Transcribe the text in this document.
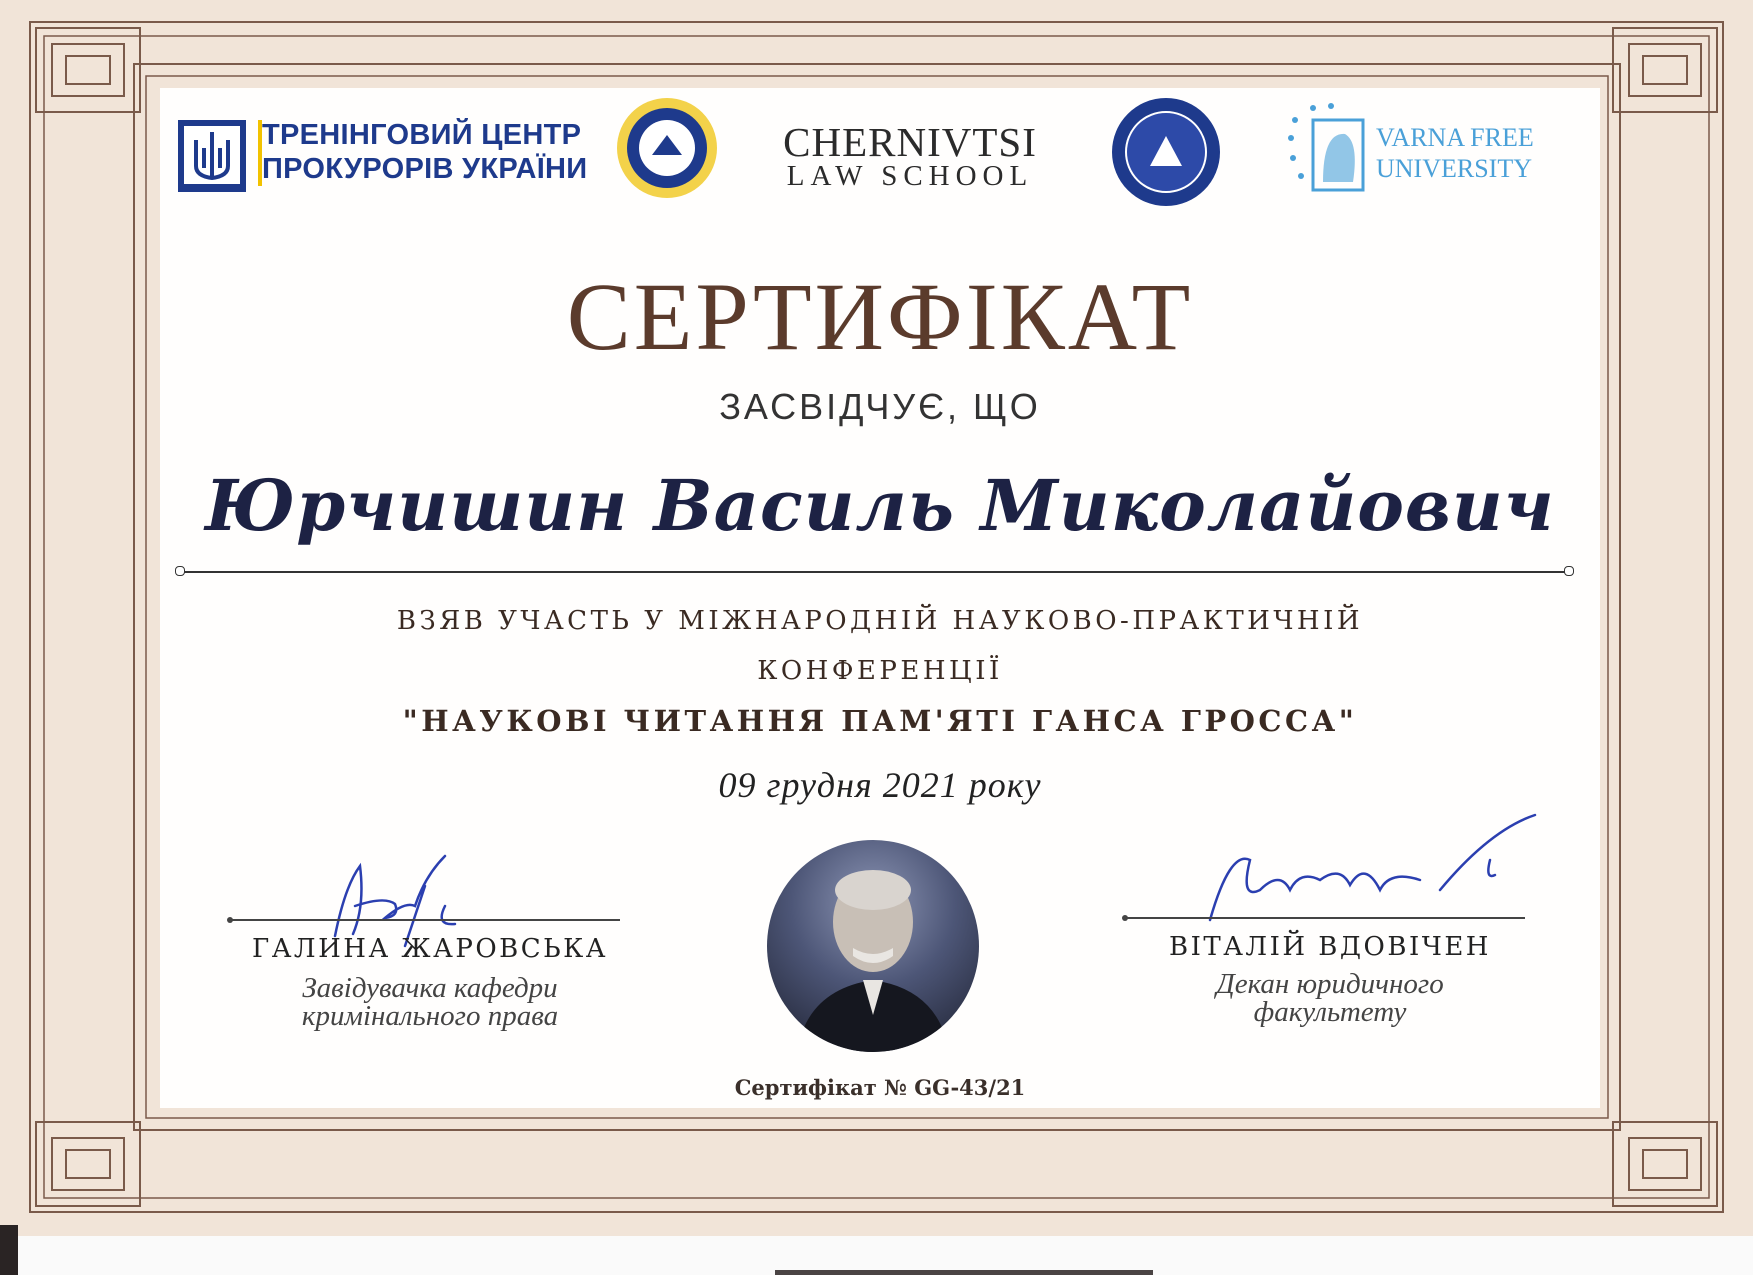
ТРЕНІНГОВИЙ ЦЕНТР
ПРОКУРОРІВ УКРАЇНИ
CHERNIVTSI
LAW SCHOOL
VARNA FREE
UNIVERSITY
СЕРТИФІКАТ
ЗАСВІДЧУЄ, ЩО
Юрчишин Василь Миколайович
ВЗЯВ УЧАСТЬ У МІЖНАРОДНІЙ НАУКОВО-ПРАКТИЧНІЙ
КОНФЕРЕНЦІЇ
"НАУКОВІ ЧИТАННЯ ПАМ'ЯТІ ГАНСА ГРОССА"
09 грудня 2021 року
ГАЛИНА ЖАРОВСЬКА
Завідувачка кафедри
кримінального права
ВІТАЛІЙ ВДОВІЧЕН
Декан юридичного
факультету
Сертифікат № GG-43/21
